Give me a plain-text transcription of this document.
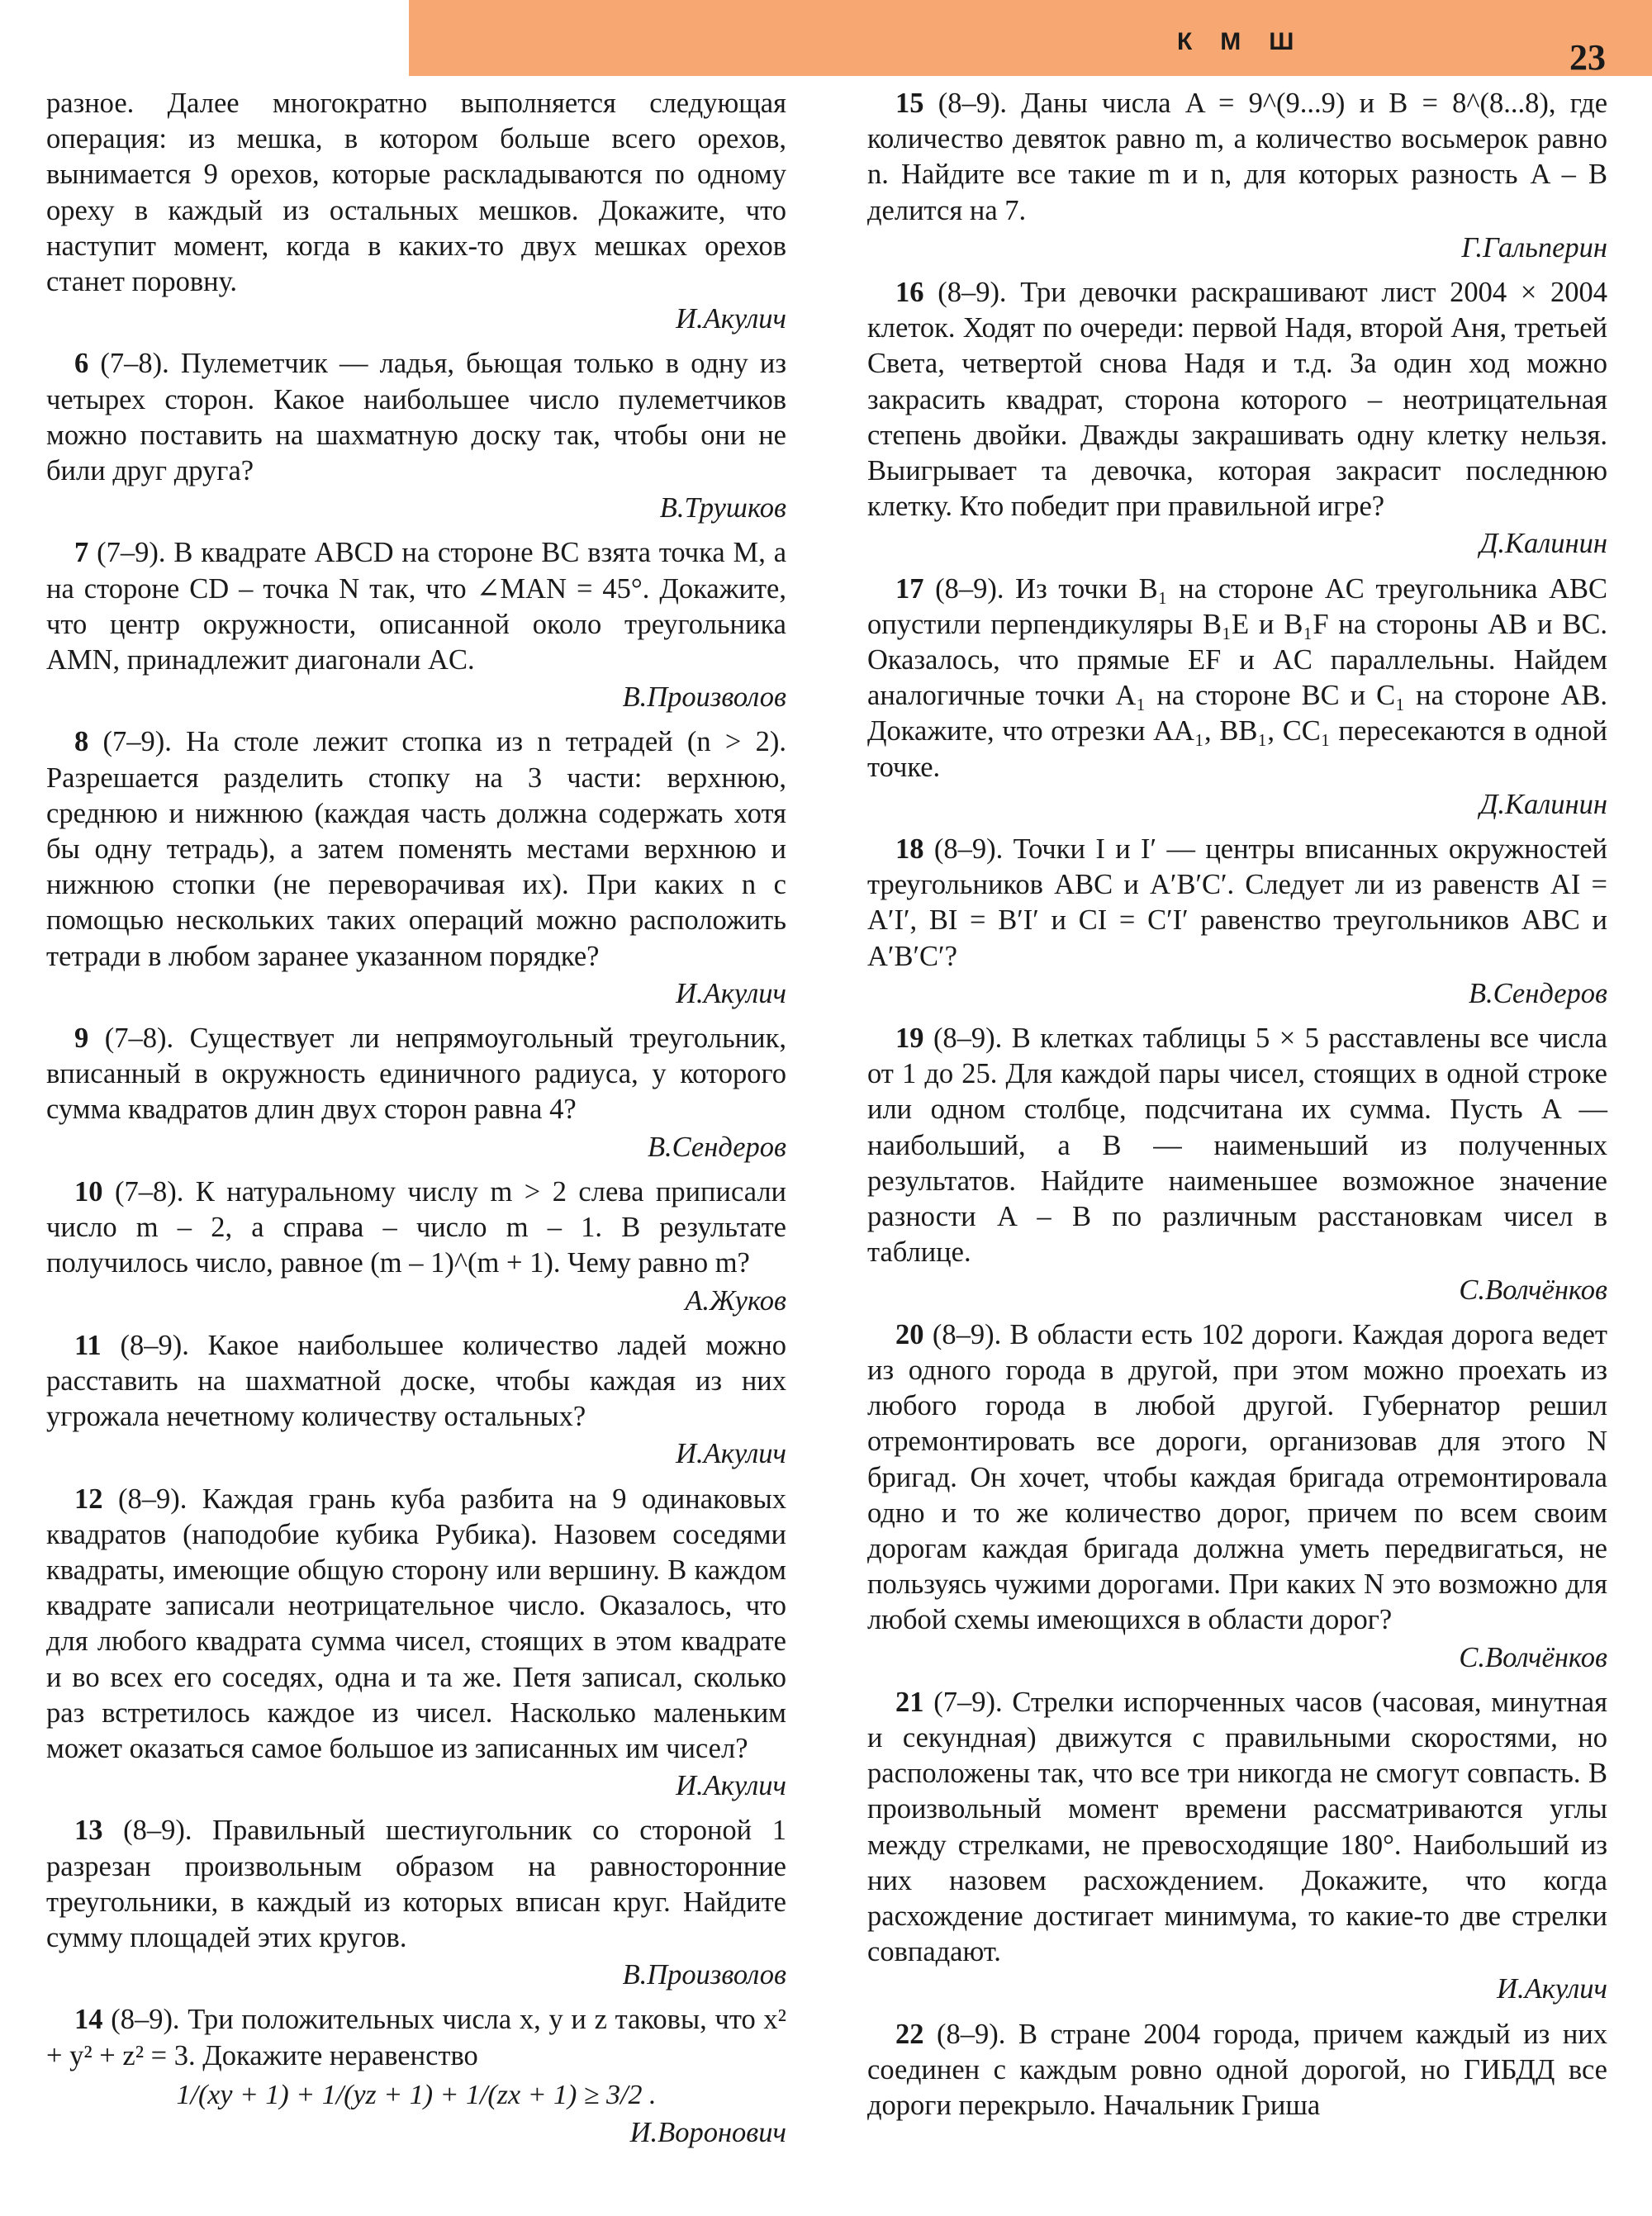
КМШ	23

разное. Далее многократно выполняется следующая операция: из мешка, в котором больше всего орехов, вынимается 9 орехов, которые раскладываются по одному ореху в каждый из остальных мешков. Докажите, что наступит момент, когда в каких-то двух мешках орехов станет поровну.

И.Акулич

6 (7–8). Пулеметчик — ладья, бьющая только в одну из четырех сторон. Какое наибольшее число пулеметчиков можно поставить на шахматную доску так, чтобы они не били друг друга?

В.Трушков

7 (7–9). В квадрате ABCD на стороне BC взята точка M, а на стороне CD – точка N так, что ∠MAN = 45°. Докажите, что центр окружности, описанной около треугольника AMN, принадлежит диагонали AC.

В.Произволов

8 (7–9). На столе лежит стопка из n тетрадей (n > 2). Разрешается разделить стопку на 3 части: верхнюю, среднюю и нижнюю (каждая часть должна содержать хотя бы одну тетрадь), а затем поменять местами верхнюю и нижнюю стопки (не переворачивая их). При каких n с помощью нескольких таких операций можно расположить тетради в любом заранее указанном порядке?

И.Акулич

9 (7–8). Существует ли непрямоугольный треугольник, вписанный в окружность единичного радиуса, у которого сумма квадратов длин двух сторон равна 4?

В.Сендеров

10 (7–8). К натуральному числу m > 2 слева приписали число m – 2, а справа – число m – 1. В результате получилось число, равное (m – 1)^(m + 1). Чему равно m?

А.Жуков

11 (8–9). Какое наибольшее количество ладей можно расставить на шахматной доске, чтобы каждая из них угрожала нечетному количеству остальных?

И.Акулич

12 (8–9). Каждая грань куба разбита на 9 одинаковых квадратов (наподобие кубика Рубика). Назовем соседями квадраты, имеющие общую сторону или вершину. В каждом квадрате записали неотрицательное число. Оказалось, что для любого квадрата сумма чисел, стоящих в этом квадрате и во всех его соседях, одна и та же. Петя записал, сколько раз встретилось каждое из чисел. Насколько маленьким может оказаться самое большое из записанных им чисел?

И.Акулич

13 (8–9). Правильный шестиугольник со стороной 1 разрезан произвольным образом на равносторонние треугольники, в каждый из которых вписан круг. Найдите сумму площадей этих кругов.

В.Произволов

14 (8–9). Три положительных числа x, y и z таковы, что x² + y² + z² = 3. Докажите неравенство

1/(xy + 1) + 1/(yz + 1) + 1/(zx + 1) ≥ 3/2 .
И.Воронович

15 (8–9). Даны числа A = 9^(9...9) и B = 8^(8...8), где количество девяток равно m, а количество восьмерок равно n. Найдите все такие m и n, для которых разность A – B делится на 7.

Г.Гальперин

16 (8–9). Три девочки раскрашивают лист 2004 × 2004 клеток. Ходят по очереди: первой Надя, второй Аня, третьей Света, четвертой снова Надя и т.д. За один ход можно закрасить квадрат, сторона которого – неотрицательная степень двойки. Дважды закрашивать одну клетку нельзя. Выигрывает та девочка, которая закрасит последнюю клетку. Кто победит при правильной игре?

Д.Калинин

17 (8–9). Из точки B₁ на стороне AC треугольника ABC опустили перпендикуляры B₁E и B₁F на стороны AB и BC. Оказалось, что прямые EF и AC параллельны. Найдем аналогичные точки A₁ на стороне BC и C₁ на стороне AB. Докажите, что отрезки AA₁, BB₁, CC₁ пересекаются в одной точке.

Д.Калинин

18 (8–9). Точки I и I′ — центры вписанных окружностей треугольников ABC и A′B′C′. Следует ли из равенств AI = A′I′, BI = B′I′ и CI = C′I′ равенство треугольников ABC и A′B′C′?

В.Сендеров

19 (8–9). В клетках таблицы 5 × 5 расставлены все числа от 1 до 25. Для каждой пары чисел, стоящих в одной строке или одном столбце, подсчитана их сумма. Пусть A — наибольший, а B — наименьший из полученных результатов. Найдите наименьшее возможное значение разности A – B по различным расстановкам чисел в таблице.

С.Волчёнков

20 (8–9). В области есть 102 дороги. Каждая дорога ведет из одного города в другой, при этом можно проехать из любого города в любой другой. Губернатор решил отремонтировать все дороги, организовав для этого N бригад. Он хочет, чтобы каждая бригада отремонтировала одно и то же количество дорог, причем по всем своим дорогам каждая бригада должна уметь передвигаться, не пользуясь чужими дорогами. При каких N это возможно для любой схемы имеющихся в области дорог?

С.Волчёнков

21 (7–9). Стрелки испорченных часов (часовая, минутная и секундная) движутся с правильными скоростями, но расположены так, что все три никогда не смогут совпасть. В произвольный момент времени рассматриваются углы между стрелками, не превосходящие 180°. Наибольший из них назовем расхождением. Докажите, что когда расхождение достигает минимума, то какие-то две стрелки совпадают.

И.Акулич

22 (8–9). В стране 2004 города, причем каждый из них соединен с каждым ровно одной дорогой, но ГИБДД все дороги перекрыло. Начальник Гриша
